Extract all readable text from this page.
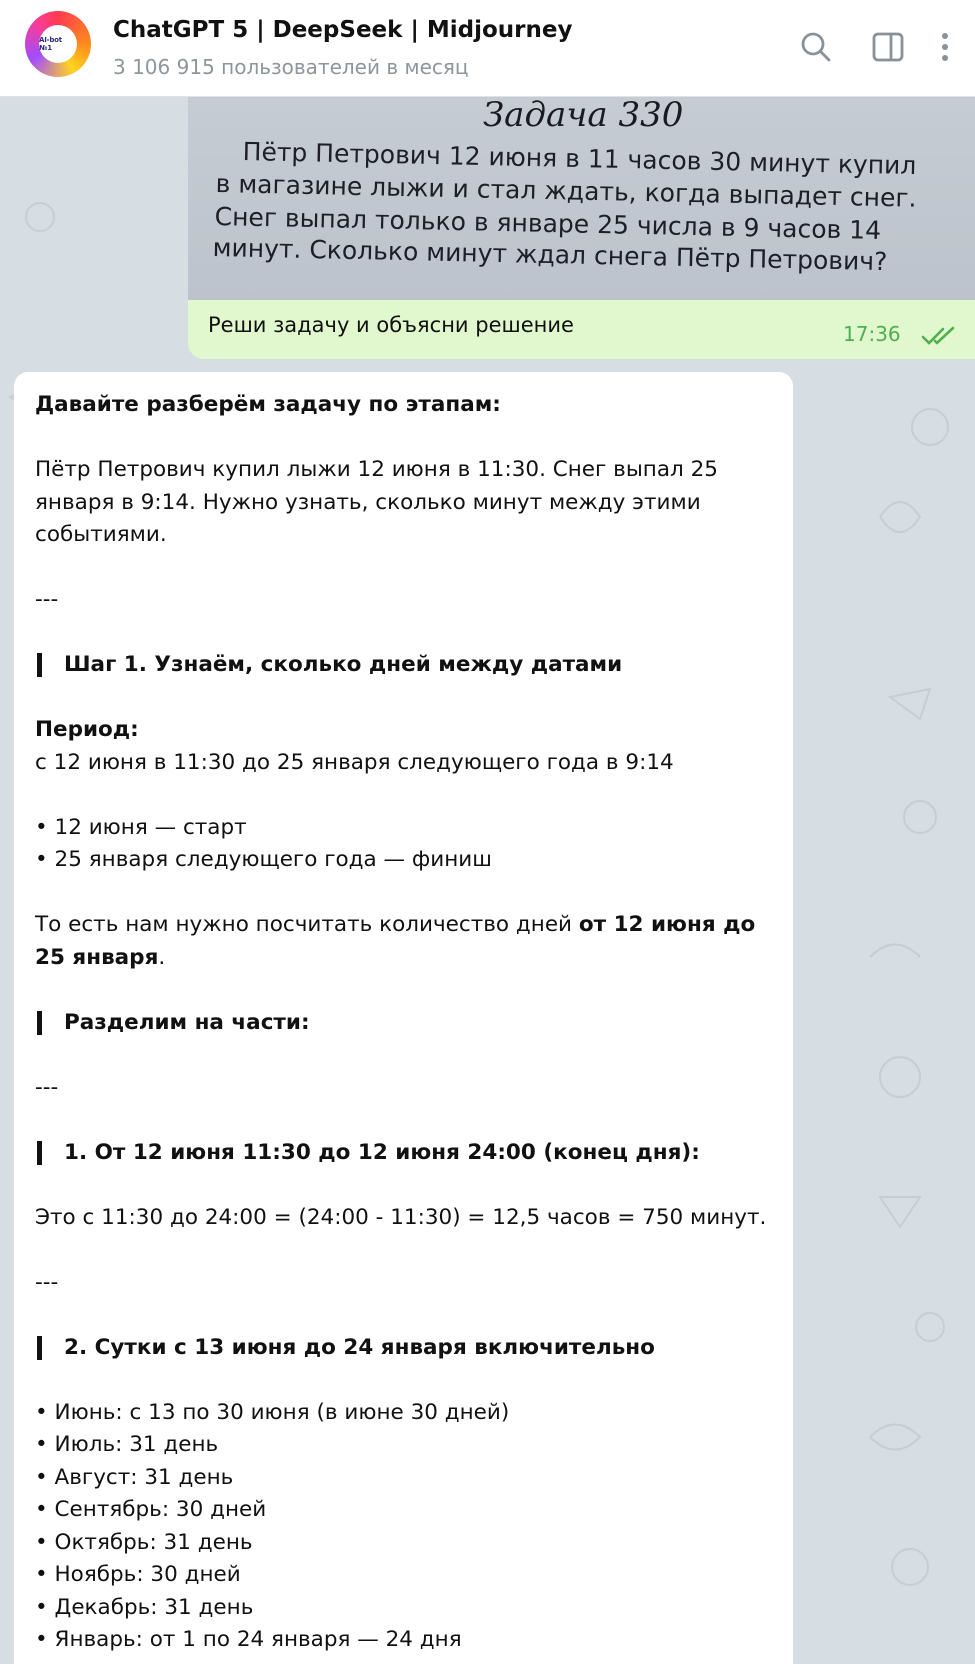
AI-bot №1
ChatGPT 5 | DeepSeek | Midjourney
3 106 915 пользователей в месяц
Задача 330
Пётр Петрович 12 июня в 11 часов 30 минут купил
в магазине лыжи и стал ждать, когда выпадет снег.
Снег выпал только в январе 25 числа в 9 часов 14
минут. Сколько минут ждал снега Пётр Петрович?
Реши задачу и объясни решение	17:36
Давайте разберём задачу по этапам:
Пётр Петрович купил лыжи 12 июня в 11:30. Снег выпал 25
января в 9:14. Нужно узнать, сколько минут между этими
событиями.
---
Шаг 1. Узнаём, сколько дней между датами
Период:
с 12 июня в 11:30 до 25 января следующего года в 9:14
• 12 июня — старт
• 25 января следующего года — финиш
То есть нам нужно посчитать количество дней от 12 июня до
25 января.
Разделим на части:
---
1. От 12 июня 11:30 до 12 июня 24:00 (конец дня):
Это с 11:30 до 24:00 = (24:00 - 11:30) = 12,5 часов = 750 минут.
---
2. Сутки с 13 июня до 24 января включительно
• Июнь: с 13 по 30 июня (в июне 30 дней)
• Июль: 31 день
• Август: 31 день
• Сентябрь: 30 дней
• Октябрь: 31 день
• Ноябрь: 30 дней
• Декабрь: 31 день
• Январь: от 1 по 24 января — 24 дня
